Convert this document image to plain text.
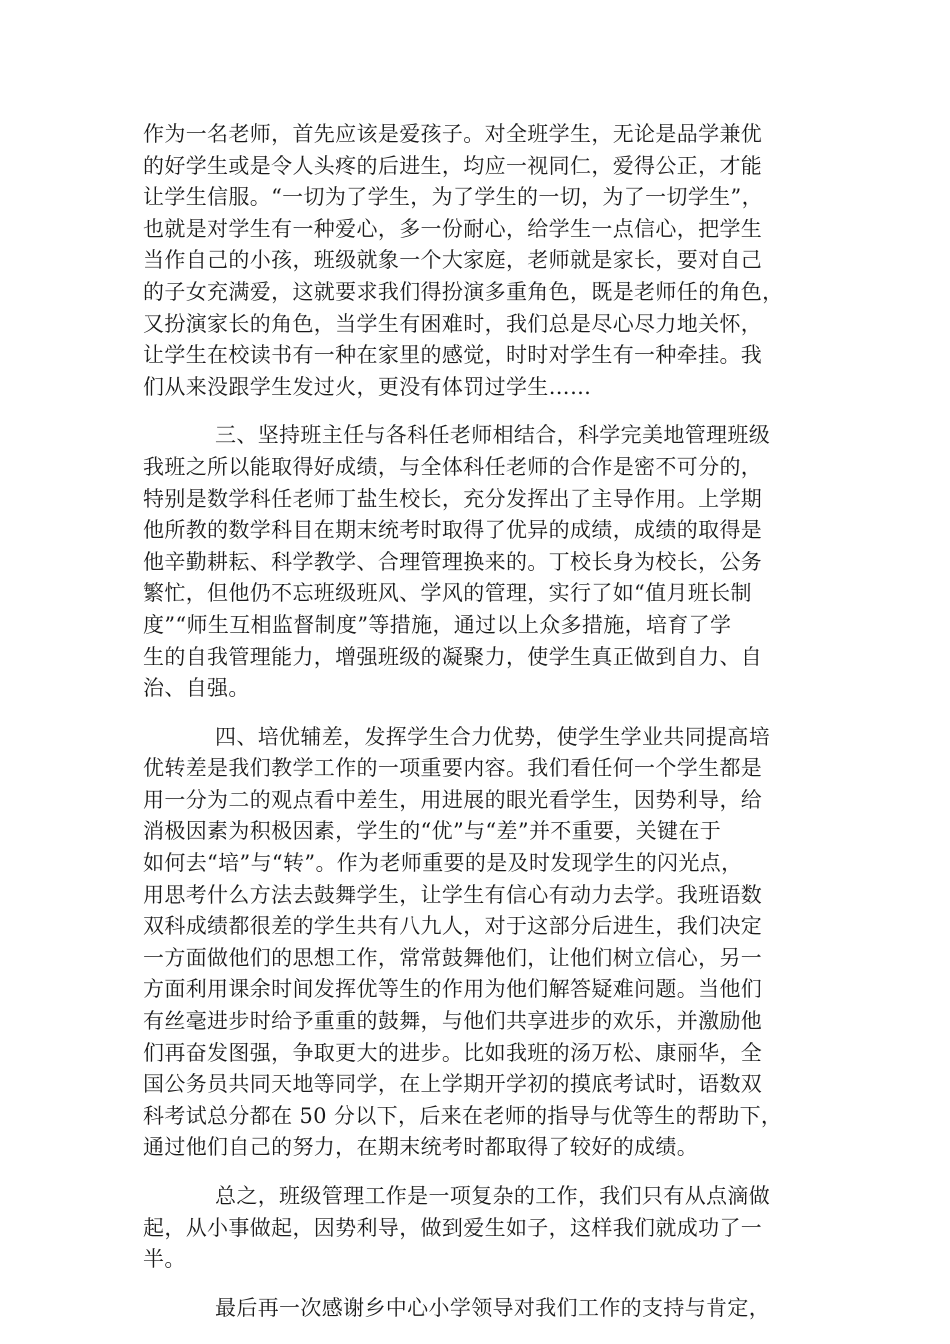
作为一名老师，首先应该是爱孩子。对全班学生，无论是品学兼优
的好学生或是令人头疼的后进生，均应一视同仁，爱得公正，才能
让学生信服。“一切为了学生，为了学生的一切，为了一切学生”，
也就是对学生有一种爱心，多一份耐心，给学生一点信心，把学生
当作自己的小孩，班级就象一个大家庭，老师就是家长，要对自己
的子女充满爱，这就要求我们得扮演多重角色，既是老师任的角色，
又扮演家长的角色，当学生有困难时，我们总是尽心尽力地关怀，
让学生在校读书有一种在家里的感觉，时时对学生有一种牵挂。我
们从来没跟学生发过火，更没有体罚过学生……
三、坚持班主任与各科任老师相结合，科学完美地管理班级
我班之所以能取得好成绩，与全体科任老师的合作是密不可分的，
特别是数学科任老师丁盐生校长，充分发挥出了主导作用。上学期
他所教的数学科目在期末统考时取得了优异的成绩，成绩的取得是
他辛勤耕耘、科学教学、合理管理换来的。丁校长身为校长，公务
繁忙，但他仍不忘班级班风、学风的管理，实行了如“值月班长制
度”“师生互相监督制度”等措施，通过以上众多措施，培育了学
生的自我管理能力，增强班级的凝聚力，使学生真正做到自力、自
治、自强。
四、培优辅差，发挥学生合力优势，使学生学业共同提高培
优转差是我们教学工作的一项重要内容。我们看任何一个学生都是
用一分为二的观点看中差生，用进展的眼光看学生，因势利导，给
消极因素为积极因素，学生的“优”与“差”并不重要，关键在于
如何去“培”与“转”。作为老师重要的是及时发现学生的闪光点，
用思考什么方法去鼓舞学生，让学生有信心有动力去学。我班语数
双科成绩都很差的学生共有八九人，对于这部分后进生，我们决定
一方面做他们的思想工作，常常鼓舞他们，让他们树立信心，另一
方面利用课余时间发挥优等生的作用为他们解答疑难问题。当他们
有丝毫进步时给予重重的鼓舞，与他们共享进步的欢乐，并激励他
们再奋发图强，争取更大的进步。比如我班的汤万松、康丽华，全
国公务员共同天地等同学，在上学期开学初的摸底考试时，语数双
科考试总分都在 50 分以下，后来在老师的指导与优等生的帮助下，
通过他们自己的努力，在期末统考时都取得了较好的成绩。
总之，班级管理工作是一项复杂的工作，我们只有从点滴做
起，从小事做起，因势利导，做到爱生如子，这样我们就成功了一
半。
最后再一次感谢乡中心小学领导对我们工作的支持与肯定，
